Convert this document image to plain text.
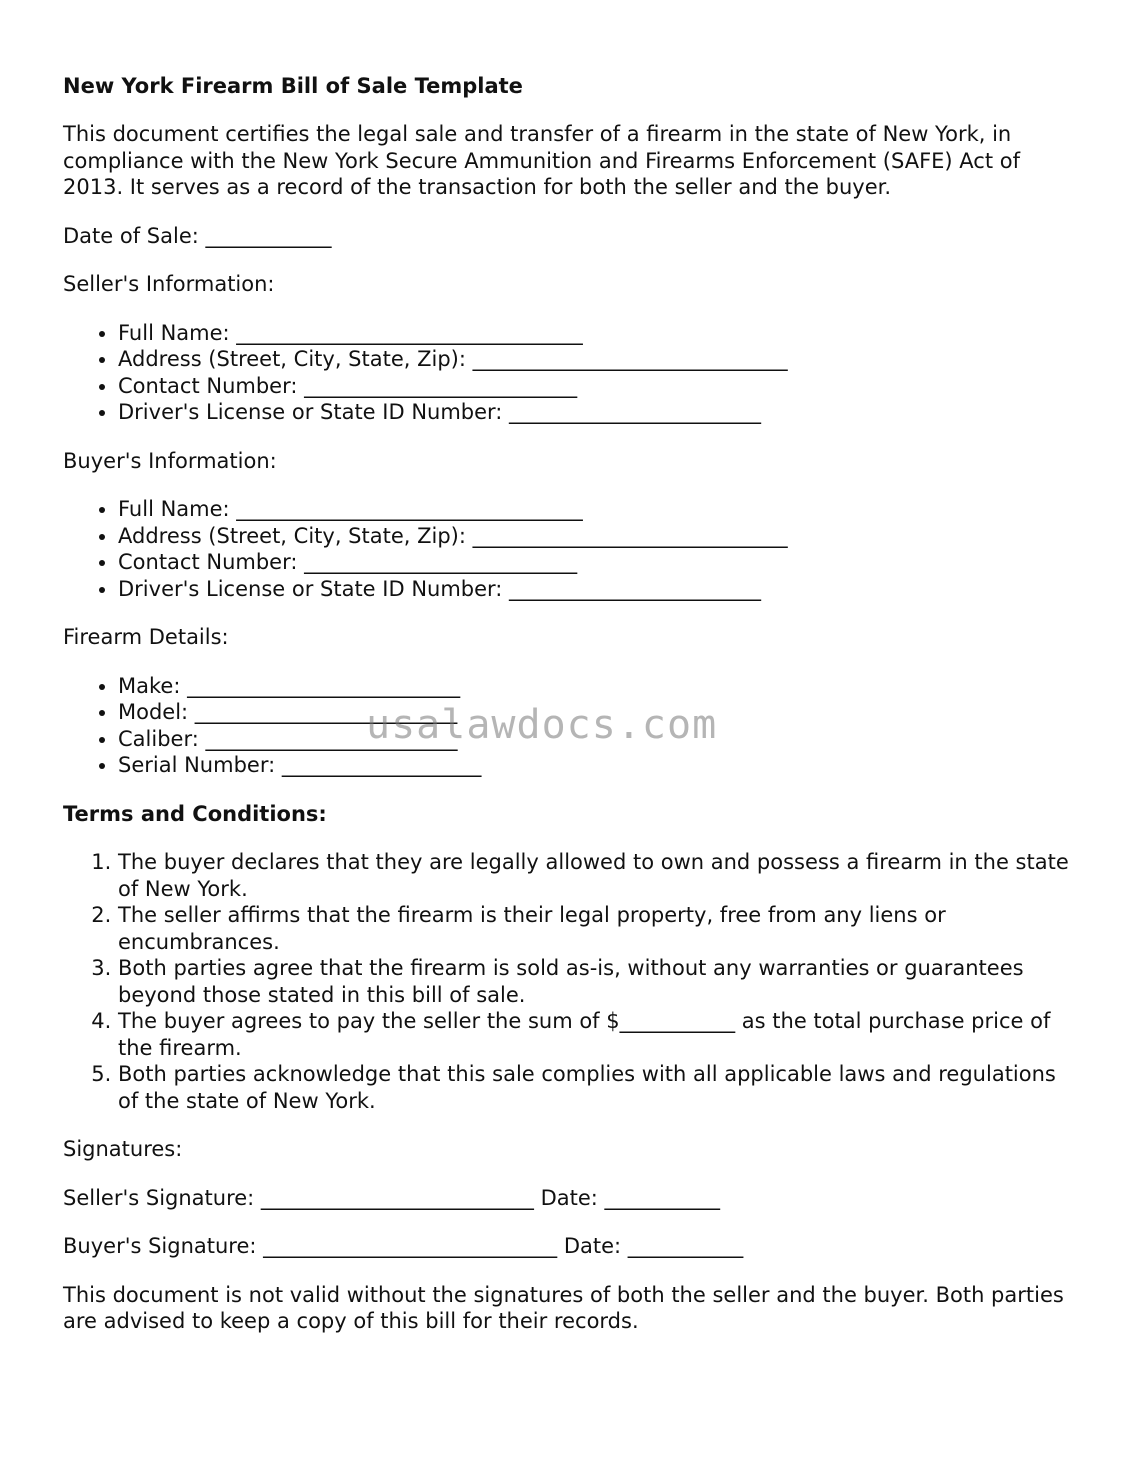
New York Firearm Bill of Sale Template

This document certifies the legal sale and transfer of a firearm in the state of New York, in compliance with the New York Secure Ammunition and Firearms Enforcement (SAFE) Act of 2013. It serves as a record of the transaction for both the seller and the buyer.

Date of Sale: ____________

Seller's Information:

• Full Name: _________________________________
• Address (Street, City, State, Zip): ______________________________
• Contact Number: __________________________
• Driver's License or State ID Number: ________________________

Buyer's Information:

• Full Name: _________________________________
• Address (Street, City, State, Zip): ______________________________
• Contact Number: __________________________
• Driver's License or State ID Number: ________________________

Firearm Details:

• Make: __________________________
• Model: _________________________
• Caliber: ________________________
• Serial Number: ___________________

Terms and Conditions:

1. The buyer declares that they are legally allowed to own and possess a firearm in the state of New York.
2. The seller affirms that the firearm is their legal property, free from any liens or encumbrances.
3. Both parties agree that the firearm is sold as-is, without any warranties or guarantees beyond those stated in this bill of sale.
4. The buyer agrees to pay the seller the sum of $___________ as the total purchase price of the firearm.
5. Both parties acknowledge that this sale complies with all applicable laws and regulations of the state of New York.

Signatures:

Seller's Signature: __________________________ Date: ___________

Buyer's Signature: ____________________________ Date: ___________

This document is not valid without the signatures of both the seller and the buyer. Both parties are advised to keep a copy of this bill for their records.

usalawdocs.com
